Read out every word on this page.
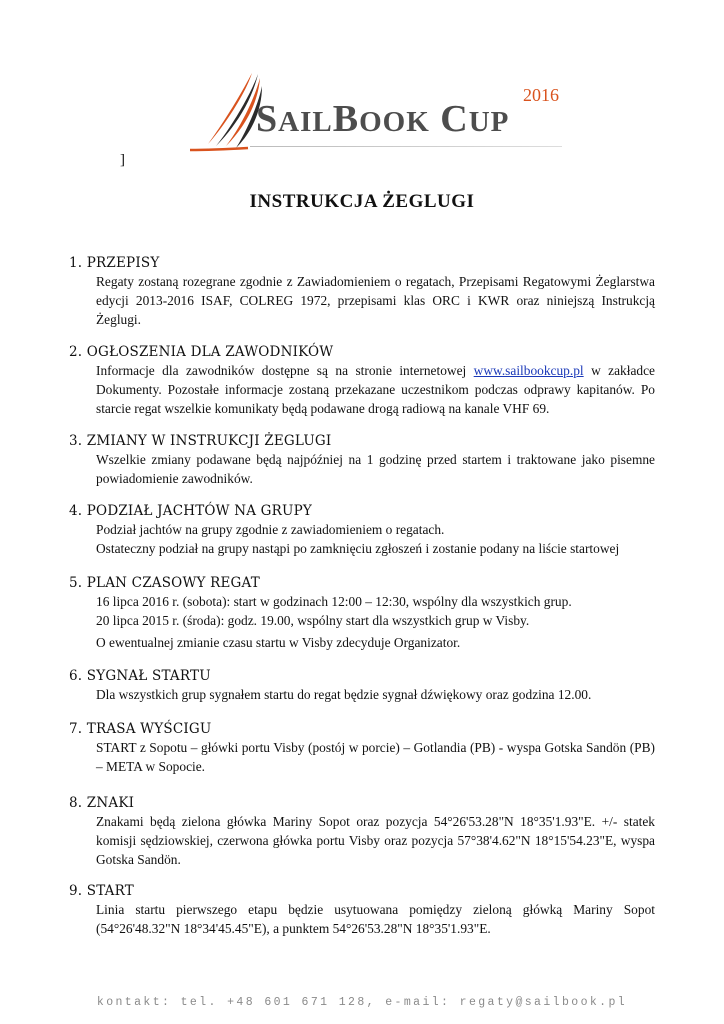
SAILBOOK CUP
2016
]
INSTRUKCJA ŻEGLUGI
1. PRZEPISY
Regaty zostaną rozegrane zgodnie z Zawiadomieniem o regatach, Przepisami Regatowymi Żeglarstwa edycji 2013-2016 ISAF, COLREG 1972, przepisami klas ORC i KWR oraz niniejszą Instrukcją Żeglugi.
2. OGŁOSZENIA DLA ZAWODNIKÓW
Informacje dla zawodników dostępne są na stronie internetowej www.sailbookcup.pl w zakładce Dokumenty. Pozostałe informacje zostaną przekazane uczestnikom podczas odprawy kapitanów. Po starcie regat wszelkie komunikaty będą podawane drogą radiową na kanale VHF 69.
3. ZMIANY W INSTRUKCJI ŻEGLUGI
Wszelkie zmiany podawane będą najpóźniej na 1 godzinę przed startem i traktowane jako pisemne powiadomienie zawodników.
4. PODZIAŁ JACHTÓW NA GRUPY
Podział jachtów na grupy zgodnie z zawiadomieniem o regatach.
Ostateczny podział na grupy nastąpi po zamknięciu zgłoszeń i zostanie podany na liście startowej
5. PLAN CZASOWY REGAT
16 lipca 2016 r. (sobota): start w godzinach 12:00 – 12:30, wspólny dla wszystkich grup.
20 lipca 2015 r. (środa): godz. 19.00, wspólny start dla wszystkich grup w Visby.
O ewentualnej zmianie czasu startu w Visby zdecyduje Organizator.
6. SYGNAŁ STARTU
Dla wszystkich grup sygnałem startu do regat będzie sygnał dźwiękowy oraz godzina 12.00.
7. TRASA WYŚCIGU
START z Sopotu – główki portu Visby (postój w porcie) – Gotlandia (PB) - wyspa Gotska Sandön (PB) – META w Sopocie.
8. ZNAKI
Znakami będą zielona główka Mariny Sopot oraz pozycja 54°26'53.28"N 18°35'1.93"E. +/- statek komisji sędziowskiej, czerwona główka portu Visby oraz pozycja 57°38'4.62"N 18°15'54.23"E, wyspa Gotska Sandön.
9. START
Linia startu pierwszego etapu będzie usytuowana pomiędzy zieloną główką Mariny Sopot (54°26'48.32"N 18°34'45.45"E), a punktem 54°26'53.28"N 18°35'1.93"E.
kontakt: tel. +48 601 671 128, e-mail: regaty@sailbook.pl
